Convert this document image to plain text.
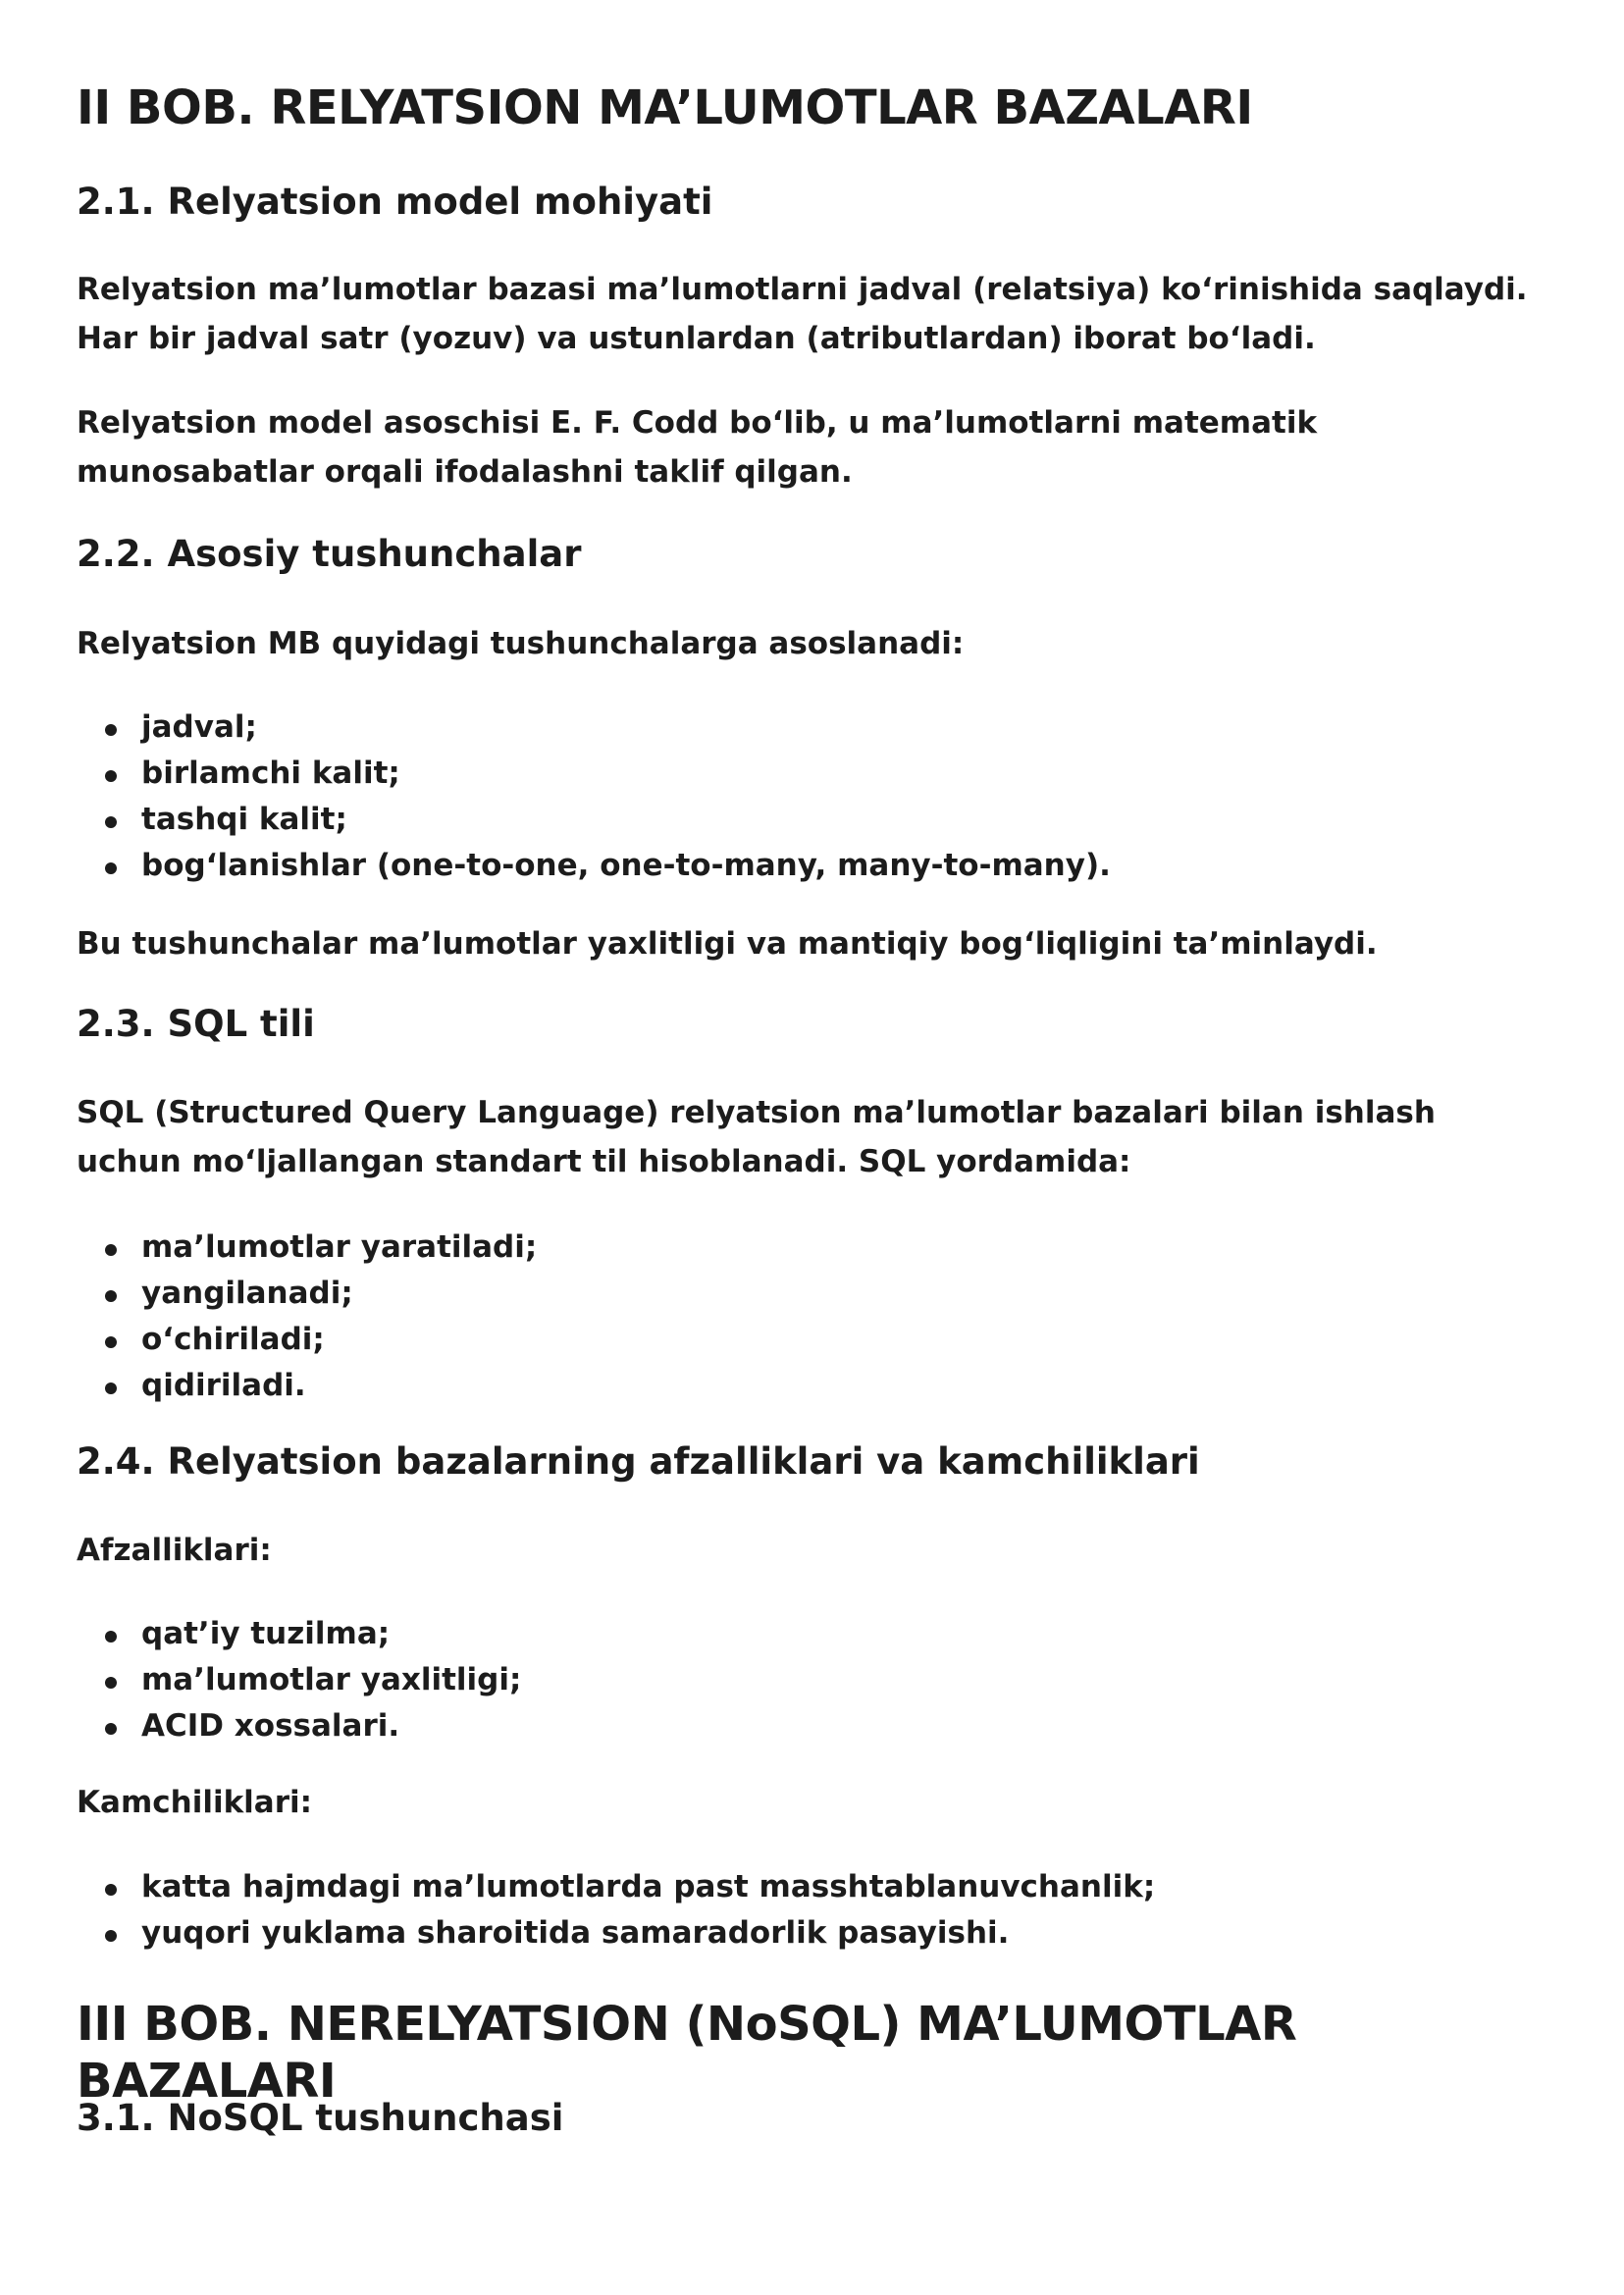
II BOB. RELYATSION MA’LUMOTLAR BAZALARI
2.1. Relyatsion model mohiyati

Relyatsion ma’lumotlar bazasi ma’lumotlarni jadval (relatsiya) koʻrinishida saqlaydi. Har bir jadval satr (yozuv) va ustunlardan (atributlardan) iborat boʻladi.

Relyatsion model asoschisi E. F. Codd boʻlib, u ma’lumotlarni matematik munosabatlar orqali ifodalashni taklif qilgan.

2.2. Asosiy tushunchalar

Relyatsion MB quyidagi tushunchalarga asoslanadi:

jadval;
birlamchi kalit;
tashqi kalit;
bogʻlanishlar (one-to-one, one-to-many, many-to-many).

Bu tushunchalar ma’lumotlar yaxlitligi va mantiqiy bogʻliqligini ta’minlaydi.

2.3. SQL tili

SQL (Structured Query Language) relyatsion ma’lumotlar bazalari bilan ishlash uchun moʻljallangan standart til hisoblanadi. SQL yordamida:

ma’lumotlar yaratiladi;
yangilanadi;
oʻchiriladi;
qidiriladi.
2.4. Relyatsion bazalarning afzalliklari va kamchiliklari

Afzalliklari:

qat’iy tuzilma;
ma’lumotlar yaxlitligi;
ACID xossalari.

Kamchiliklari:

katta hajmdagi ma’lumotlarda past masshtablanuvchanlik;
yuqori yuklama sharoitida samaradorlik pasayishi.
III BOB. NERELYATSION (NoSQL) MA’LUMOTLAR BAZALARI
3.1. NoSQL tushunchasi
